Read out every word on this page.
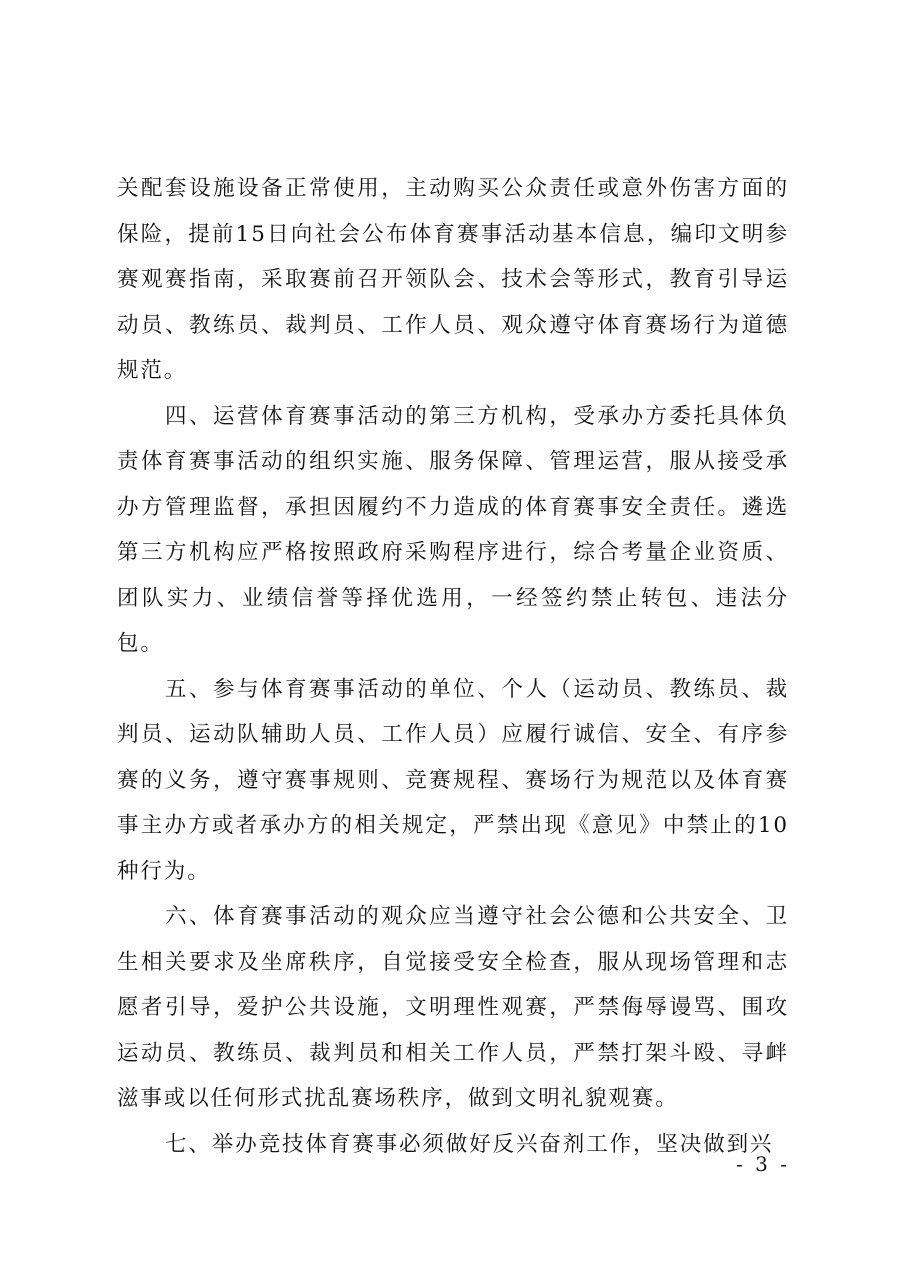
关配套设施设备正常使用，主动购买公众责任或意外伤害方面的保险，提前15日向社会公布体育赛事活动基本信息，编印文明参赛观赛指南，采取赛前召开领队会、技术会等形式，教育引导运动员、教练员、裁判员、工作人员、观众遵守体育赛场行为道德规范。

四、运营体育赛事活动的第三方机构，受承办方委托具体负责体育赛事活动的组织实施、服务保障、管理运营，服从接受承办方管理监督，承担因履约不力造成的体育赛事安全责任。遴选第三方机构应严格按照政府采购程序进行，综合考量企业资质、团队实力、业绩信誉等择优选用，一经签约禁止转包、违法分包。

五、参与体育赛事活动的单位、个人（运动员、教练员、裁判员、运动队辅助人员、工作人员）应履行诚信、安全、有序参赛的义务，遵守赛事规则、竞赛规程、赛场行为规范以及体育赛事主办方或者承办方的相关规定，严禁出现《意见》中禁止的10种行为。

六、体育赛事活动的观众应当遵守社会公德和公共安全、卫生相关要求及坐席秩序，自觉接受安全检查，服从现场管理和志愿者引导，爱护公共设施，文明理性观赛，严禁侮辱谩骂、围攻运动员、教练员、裁判员和相关工作人员，严禁打架斗殴、寻衅滋事或以任何形式扰乱赛场秩序，做到文明礼貌观赛。

七、举办竞技体育赛事必须做好反兴奋剂工作，坚决做到兴

- 3 -
